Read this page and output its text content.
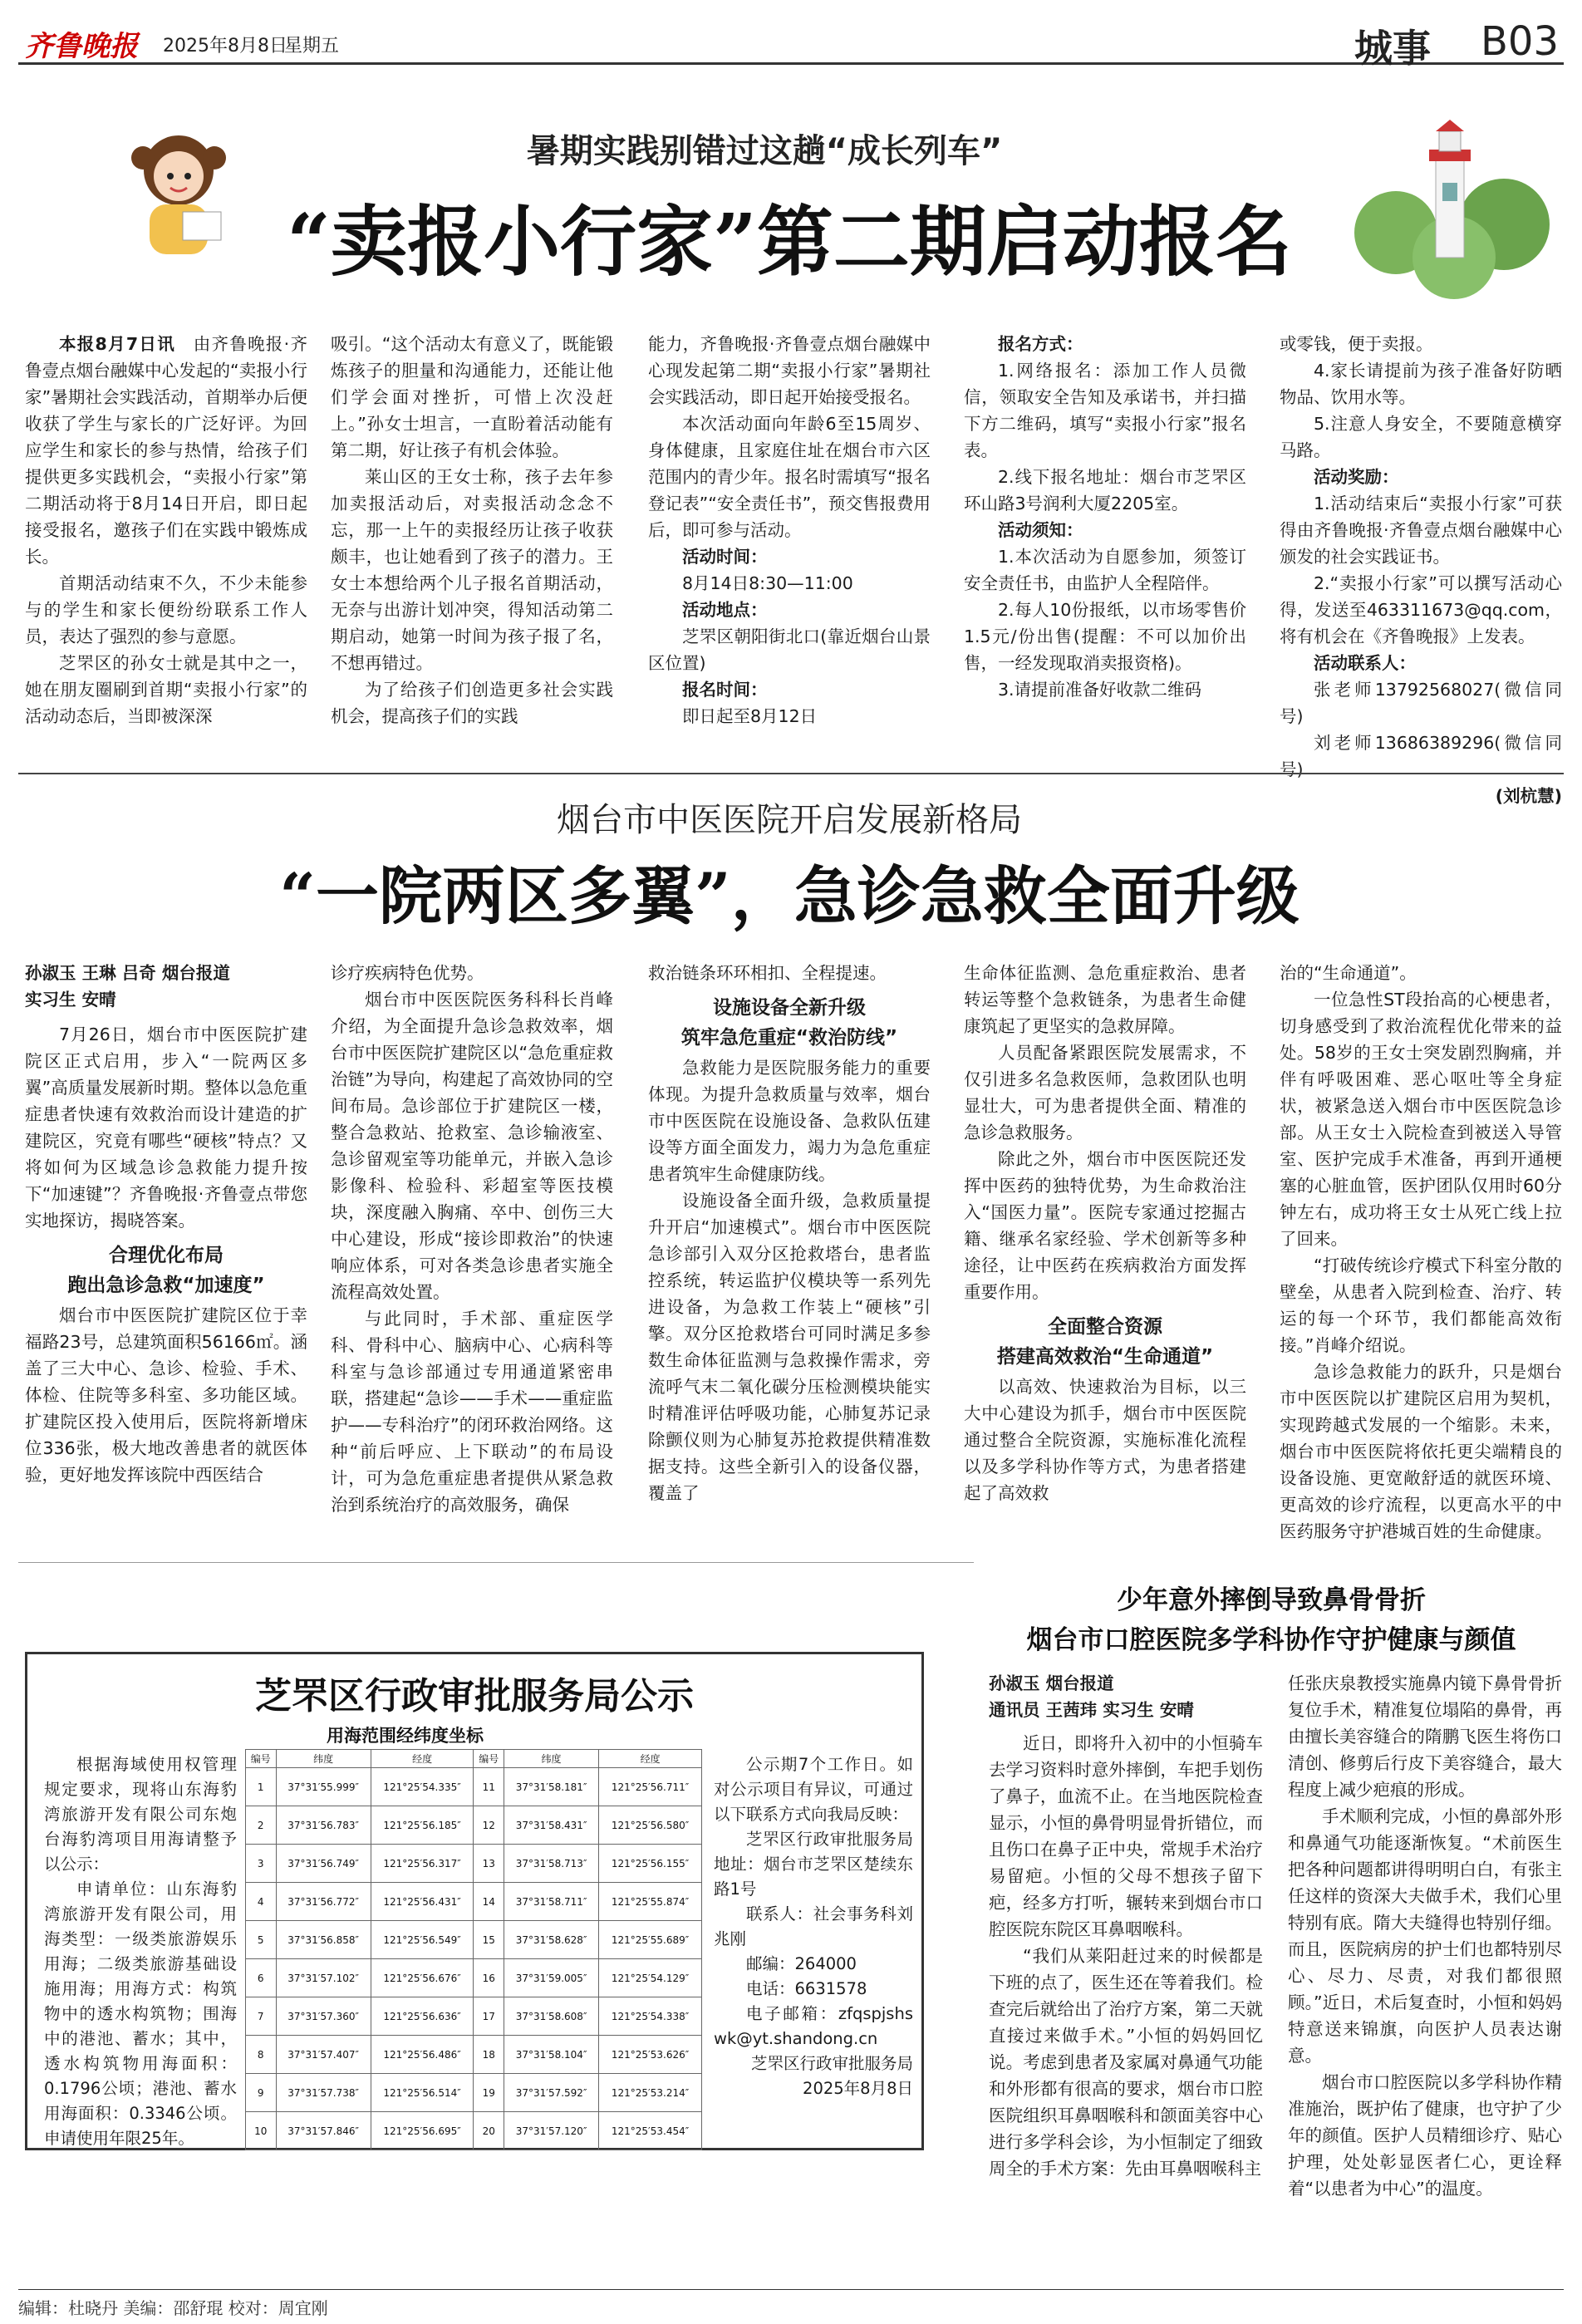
齐鲁晚报 2025年8月8日
星期五	城事 B03
暑期实践别错过这趟“成长列车”
“卖报小行家”第二期启动报名

本报8月7日讯　 由齐鲁晚报·齐鲁壹点烟台融媒中心发起的“卖报小行家”暑期社会实践活动，首期举办后便收获了学生与家长的广泛好评。为回应学生和家长的参与热情，给孩子们提供更多实践机会，“卖报小行家”第二期活动将于8月14日开启，即日起接受报名，邀孩子们在实践中锻炼成长。

首期活动结束不久，不少未能参与的学生和家长便纷纷联系工作人员，表达了强烈的参与意愿。

芝罘区的孙女士就是其中之一，她在朋友圈刷到首期“卖报小行家”的活动动态后，当即被深深

吸引。“这个活动太有意义了，既能锻炼孩子的胆量和沟通能力，还能让他们学会面对挫折，可惜上次没赶上。”孙女士坦言，一直盼着活动能有第二期，好让孩子有机会体验。

莱山区的王女士称，孩子去年参加卖报活动后，对卖报活动念念不忘，那一上午的卖报经历让孩子收获颇丰，也让她看到了孩子的潜力。王女士本想给两个儿子报名首期活动，无奈与出游计划冲突，得知活动第二期启动，她第一时间为孩子报了名，不想再错过。

为了给孩子们创造更多社会实践机会，提高孩子们的实践

能力，齐鲁晚报·齐鲁壹点烟台融媒中心现发起第二期“卖报小行家”暑期社会实践活动，即日起开始接受报名。

本次活动面向年龄6至15周岁、身体健康，且家庭住址在烟台市六区范围内的青少年。报名时需填写“报名登记表”“安全责任书”，预交售报费用后，即可参与活动。

活动时间：

8月14日8:30—11:00

活动地点：

芝罘区朝阳街北口(靠近烟台山景区位置)

报名时间：

即日起至8月12日

报名方式：

1.网络报名：添加工作人员微信，领取安全告知及承诺书，并扫描下方二维码，填写“卖报小行家”报名表。

2.线下报名地址：烟台市芝罘区环山路3号润利大厦2205室。

活动须知：

1.本次活动为自愿参加，须签订安全责任书，由监护人全程陪伴。

2.每人10份报纸，以市场零售价1.5元/份出售(提醒：不可以加价出售，一经发现取消卖报资格)。

3.请提前准备好收款二维码

或零钱，便于卖报。

4.家长请提前为孩子准备好防晒物品、饮用水等。

5.注意人身安全，不要随意横穿马路。

活动奖励：

1.活动结束后“卖报小行家”可获得由齐鲁晚报·齐鲁壹点烟台融媒中心颁发的社会实践证书。

2.“卖报小行家”可以撰写活动心得，发送至463311673@qq.com，将有机会在《齐鲁晚报》上发表。

活动联系人：

张老师13792568027(微信同号)

刘老师13686389296(微信同号)

(刘杭慧)

烟台市中医医院开启发展新格局
“一院两区多翼”，急诊急救全面升级

孙淑玉 王琳 吕奇 烟台报道

实习生 安晴

7月26日，烟台市中医医院扩建院区正式启用，步入“一院两区多翼”高质量发展新时期。整体以急危重症患者快速有效救治而设计建造的扩建院区，究竟有哪些“硬核”特点？又将如何为区域急诊急救能力提升按下“加速键”？齐鲁晚报·齐鲁壹点带您实地探访，揭晓答案。

合理优化布局

跑出急诊急救“加速度”

烟台市中医医院扩建院区位于幸福路23号，总建筑面积56166㎡。涵盖了三大中心、急诊、检验、手术、体检、住院等多科室、多功能区域。扩建院区投入使用后，医院将新增床位336张，极大地改善患者的就医体验，更好地发挥该院中西医结合

诊疗疾病特色优势。

烟台市中医医院医务科科长肖峰介绍，为全面提升急诊急救效率，烟台市中医医院扩建院区以“急危重症救治链”为导向，构建起了高效协同的空间布局。急诊部位于扩建院区一楼，整合急救站、抢救室、急诊输液室、急诊留观室等功能单元，并嵌入急诊影像科、检验科、彩超室等医技模块，深度融入胸痛、卒中、创伤三大中心建设，形成“接诊即救治”的快速响应体系，可对各类急诊患者实施全流程高效处置。

与此同时，手术部、重症医学科、骨科中心、脑病中心、心病科等科室与急诊部通过专用通道紧密串联，搭建起“急诊——手术——重症监护——专科治疗”的闭环救治网络。这种“前后呼应、上下联动”的布局设计，可为急危重症患者提供从紧急救治到系统治疗的高效服务，确保

救治链条环环相扣、全程提速。

设施设备全新升级

筑牢急危重症“救治防线”

急救能力是医院服务能力的重要体现。为提升急救质量与效率，烟台市中医医院在设施设备、急救队伍建设等方面全面发力，竭力为急危重症患者筑牢生命健康防线。

设施设备全面升级，急救质量提升开启“加速模式”。烟台市中医医院急诊部引入双分区抢救塔台，患者监控系统，转运监护仪模块等一系列先进设备，为急救工作装上“硬核”引擎。双分区抢救塔台可同时满足多参数生命体征监测与急救操作需求，旁流呼气末二氧化碳分压检测模块能实时精准评估呼吸功能，心肺复苏记录除颤仪则为心肺复苏抢救提供精准数据支持。这些全新引入的设备仪器，覆盖了

生命体征监测、急危重症救治、患者转运等整个急救链条，为患者生命健康筑起了更坚实的急救屏障。

人员配备紧跟医院发展需求，不仅引进多名急救医师，急救团队也明显壮大，可为患者提供全面、精准的急诊急救服务。

除此之外，烟台市中医医院还发挥中医药的独特优势，为生命救治注入“国医力量”。医院专家通过挖掘古籍、继承名家经验、学术创新等多种途径，让中医药在疾病救治方面发挥重要作用。

全面整合资源

搭建高效救治“生命通道”

以高效、快速救治为目标，以三大中心建设为抓手，烟台市中医医院通过整合全院资源，实施标准化流程以及多学科协作等方式，为患者搭建起了高效救

治的“生命通道”。

一位急性ST段抬高的心梗患者，切身感受到了救治流程优化带来的益处。58岁的王女士突发剧烈胸痛，并伴有呼吸困难、恶心呕吐等全身症状，被紧急送入烟台市中医医院急诊部。从王女士入院检查到被送入导管室、医护完成手术准备，再到开通梗塞的心脏血管，医护团队仅用时60分钟左右，成功将王女士从死亡线上拉了回来。

“打破传统诊疗模式下科室分散的壁垒，从患者入院到检查、治疗、转运的每一个环节，我们都能高效衔接。”肖峰介绍说。

急诊急救能力的跃升，只是烟台市中医医院以扩建院区启用为契机，实现跨越式发展的一个缩影。未来，烟台市中医医院将依托更尖端精良的设备设施、更宽敞舒适的就医环境、更高效的诊疗流程，以更高水平的中医药服务守护港城百姓的生命健康。

芝罘区行政审批服务局公示
用海范围经纬度坐标

根据海域使用权管理规定要求，现将山东海豹湾旅游开发有限公司东炮台海豹湾项目用海请整予以公示：

申请单位：山东海豹湾旅游开发有限公司，用海类型：一级类旅游娱乐用海；二级类旅游基础设施用海；用海方式：构筑物中的透水构筑物；围海中的港池、蓄水；其中，透水构筑物用海面积：0.1796公顷；港池、蓄水用海面积：0.3346公顷。申请使用年限25年。

编号	纬度	经度	编号	纬度	经度
1	37°31′55.999″	121°25′54.335″	11	37°31′58.181″	121°25′56.711″
2	37°31′56.783″	121°25′56.185″	12	37°31′58.431″	121°25′56.580″
3	37°31′56.749″	121°25′56.317″	13	37°31′58.713″	121°25′56.155″
4	37°31′56.772″	121°25′56.431″	14	37°31′58.711″	121°25′55.874″
5	37°31′56.858″	121°25′56.549″	15	37°31′58.628″	121°25′55.689″
6	37°31′57.102″	121°25′56.676″	16	37°31′59.005″	121°25′54.129″
7	37°31′57.360″	121°25′56.636″	17	37°31′58.608″	121°25′54.338″
8	37°31′57.407″	121°25′56.486″	18	37°31′58.104″	121°25′53.626″
9	37°31′57.738″	121°25′56.514″	19	37°31′57.592″	121°25′53.214″
10	37°31′57.846″	121°25′56.695″	20	37°31′57.120″	121°25′53.454″

公示期7个工作日。如对公示项目有异议，可通过以下联系方式向我局反映：

芝罘区行政审批服务局地址：烟台市芝罘区楚续东路1号

联系人：社会事务科刘兆刚

邮编：264000

电话：6631578

电子邮箱：zfqspjshswk@yt.shandong.cn

芝罘区行政审批服务局

2025年8月8日

少年意外摔倒导致鼻骨骨折
烟台市口腔医院多学科协作守护健康与颜值

孙淑玉 烟台报道

通讯员 王茜玮 实习生 安晴

近日，即将升入初中的小恒骑车去学习资料时意外摔倒，车把手划伤了鼻子，血流不止。在当地医院检查显示，小恒的鼻骨明显骨折错位，而且伤口在鼻子正中央，常规手术治疗易留疤。小恒的父母不想孩子留下疤，经多方打听，辗转来到烟台市口腔医院东院区耳鼻咽喉科。

“我们从莱阳赶过来的时候都是下班的点了，医生还在等着我们。检查完后就给出了治疗方案，第二天就直接过来做手术。”小恒的妈妈回忆说。考虑到患者及家属对鼻通气功能和外形都有很高的要求，烟台市口腔医院组织耳鼻咽喉科和颌面美容中心进行多学科会诊，为小恒制定了细致周全的手术方案：先由耳鼻咽喉科主

任张庆泉教授实施鼻内镜下鼻骨骨折复位手术，精准复位塌陷的鼻骨，再由擅长美容缝合的隋鹏飞医生将伤口清创、修剪后行皮下美容缝合，最大程度上减少疤痕的形成。

手术顺利完成，小恒的鼻部外形和鼻通气功能逐渐恢复。“术前医生把各种问题都讲得明明白白，有张主任这样的资深大夫做手术，我们心里特别有底。隋大夫缝得也特别仔细。而且，医院病房的护士们也都特别尽心、尽力、尽责，对我们都很照顾。”近日，术后复查时，小恒和妈妈特意送来锦旗，向医护人员表达谢意。

烟台市口腔医院以多学科协作精准施治，既护佑了健康，也守护了少年的颜值。医护人员精细诊疗、贴心护理，处处彰显医者仁心，更诠释着“以患者为中心”的温度。

编辑：杜晓丹 美编：邵舒琨 校对：周宜刚
